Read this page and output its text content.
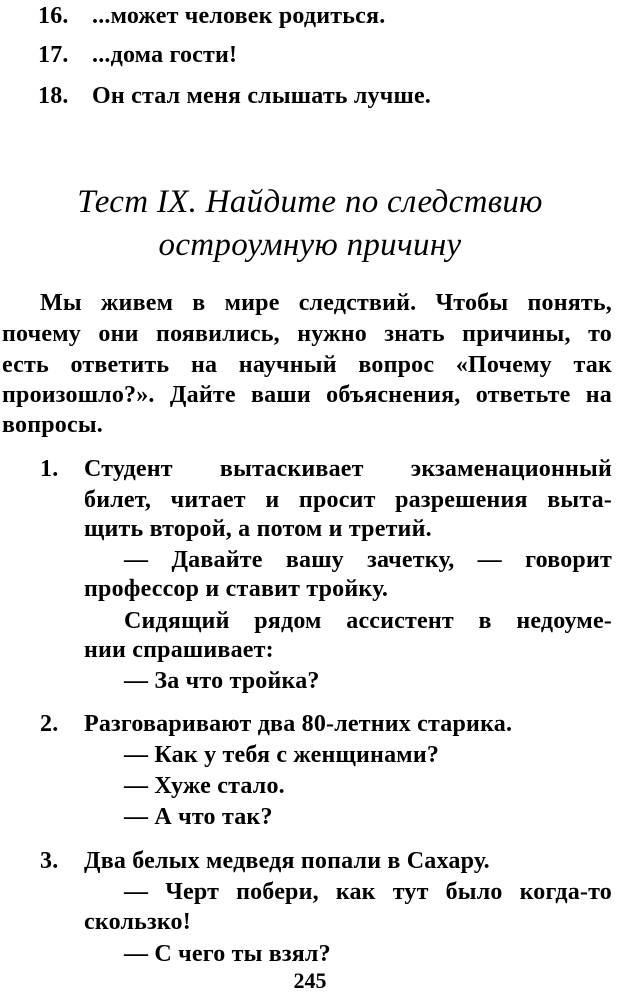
16. ...может человек родиться.
17. ...дома гости!
18. Он стал меня слышать лучше.
Тест IX. Найдите по следствию
остроумную причину
Мы живем в мире следствий. Чтобы понять,
почему они появились, нужно знать причины, то
есть ответить на научный вопрос «Почему так
произошло?». Дайте ваши объяснения, ответьте на
вопросы.
1. Студент вытаскивает экзаменационный
билет, читает и просит разрешения выта-
щить второй, а потом и третий.
— Давайте вашу зачетку, — говорит
профессор и ставит тройку.
Сидящий рядом ассистент в недоуме-
нии спрашивает:
— За что тройка?
2. Разговаривают два 80-летних старика.
— Как у тебя с женщинами?
— Хуже стало.
— А что так?
3. Два белых медведя попали в Сахару.
— Черт побери, как тут было когда-то
скользко!
— С чего ты взял?
245
